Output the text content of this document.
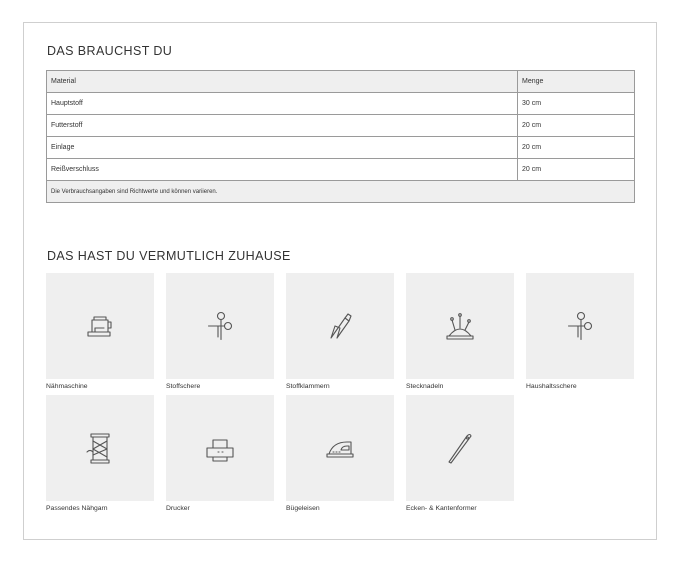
DAS BRAUCHST DU
Material	Menge
Hauptstoff	30 cm
Futterstoff	20 cm
Einlage	20 cm
Reißverschluss	20 cm
Die Verbrauchsangaben sind Richtwerte und können variieren.	
DAS HAST DU VERMUTLICH ZUHAUSE
Nähmaschine	Stoffschere	Stoffklammern	Stecknadeln	Haushaltsschere
Passendes Nähgarn	Drucker	Bügeleisen	Ecken- & Kantenformer
